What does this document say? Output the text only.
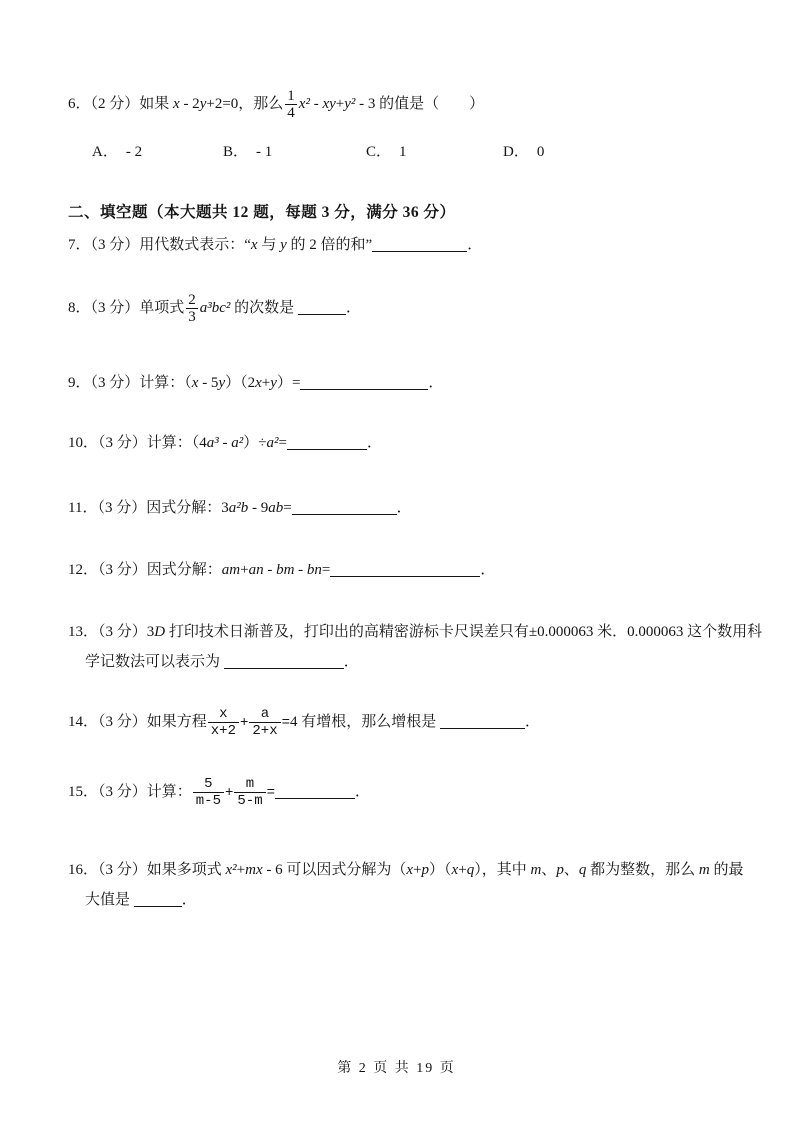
6．（2 分）如果 x - 2y+2=0，那么 $\frac{1}{4} x^2 - xy+y^2 - 3$ 的值是（　　）
A． - 2	B． - 1	C． 1	D． 0
二、填空题（本大题共 12 题，每题 3 分，满分 36 分）
7．（3 分）用代数式表示：“x 与 y 的 2 倍的和”	．
8．（3 分）单项式 $\frac{2}{3} a^3bc^2$ 的次数是	．
9．（3 分）计算：（x - 5y）（2x+y）=	．
10．（3 分）计算：（4a³ - a²）÷a²=	．
11．（3 分）因式分解：3a²b - 9ab=	．
12．（3 分）因式分解：am+an - bm - bn=	．
13．（3 分）3D 打印技术日渐普及，打印出的高精密游标卡尺误差只有±0.000063 米．0.000063 这个数用科
学记数法可以表示为	．
14．（3 分）如果方程 $\frac{x}{x+2} + \frac{a}{2+x} =4$ 有增根，那么增根是	．
15．（3 分）计算： $\frac{5}{m-5} + \frac{m}{5-m}$ =	．
16．（3 分）如果多项式 x²+mx - 6 可以因式分解为（x+p）（x+q），其中 m、p、q 都为整数，那么 m 的最
大值是	．
第 2 页 共 19 页
